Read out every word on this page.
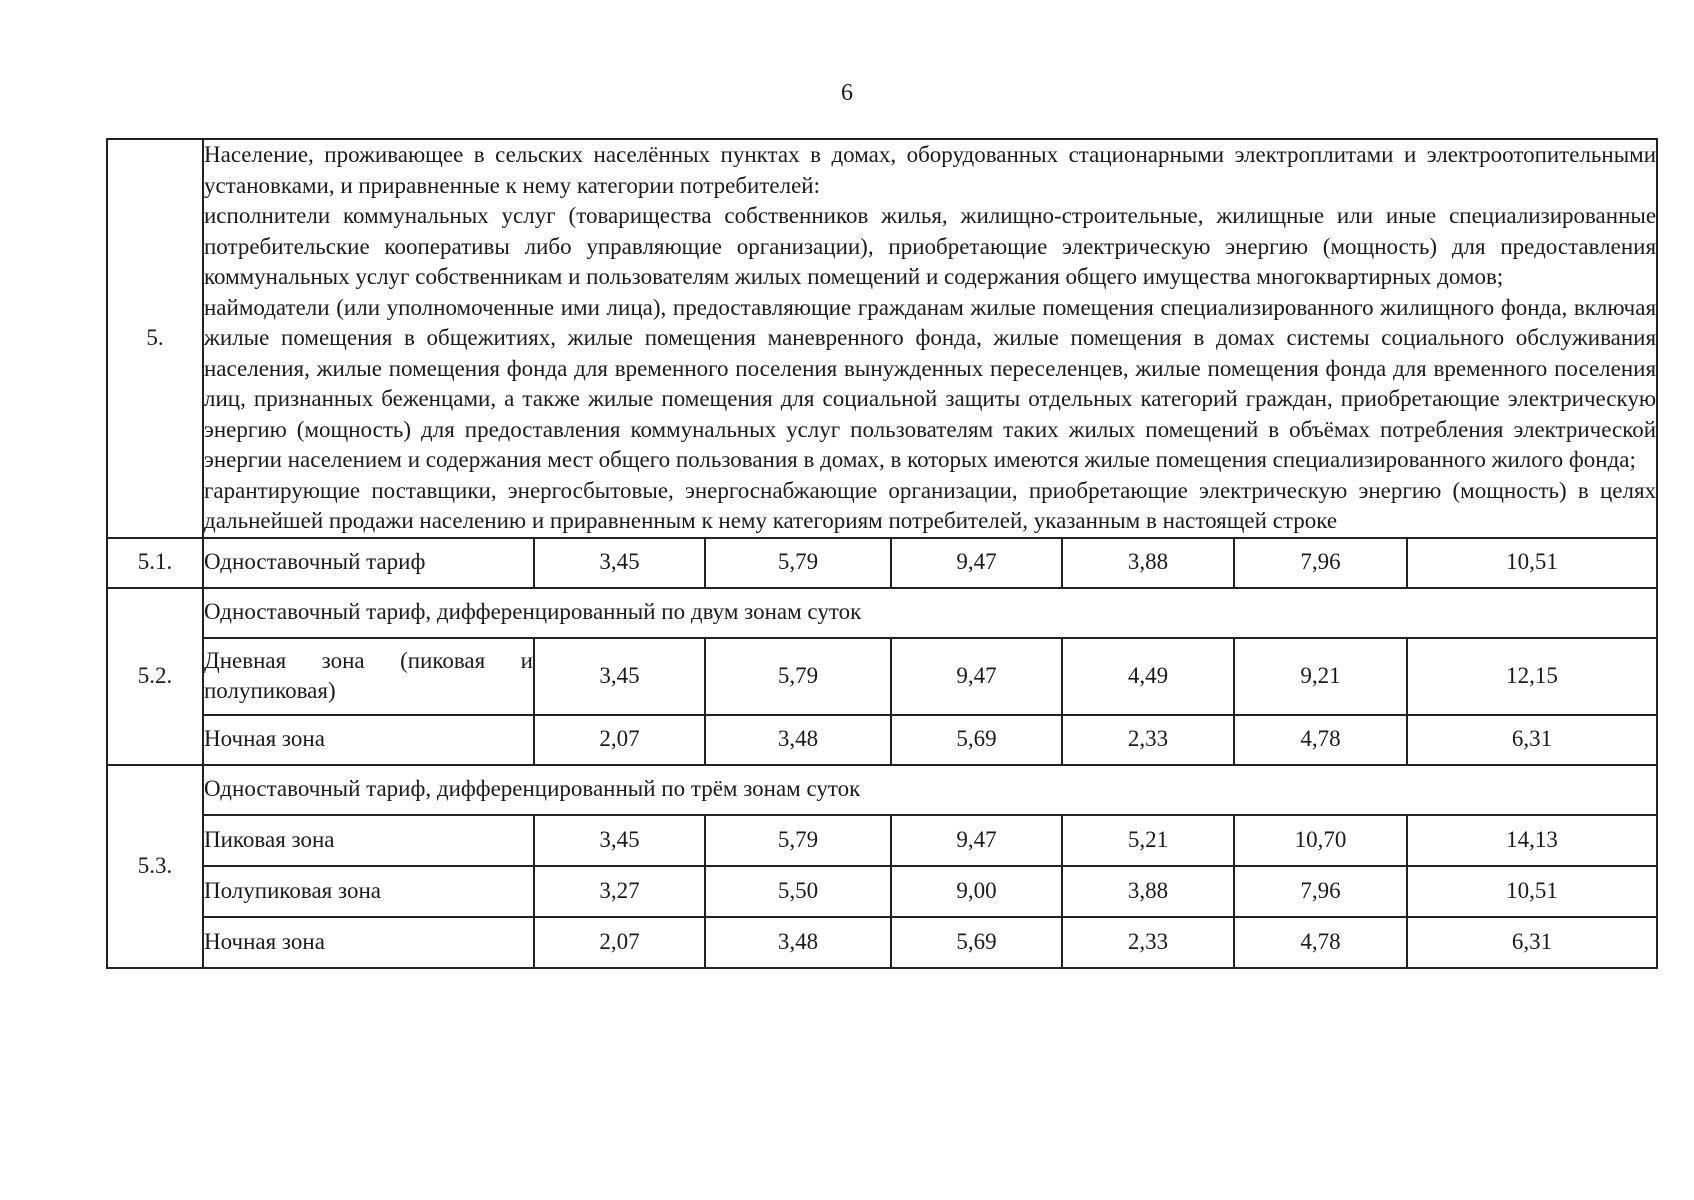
6
5.	Население, проживающее в сельских населённых пунктах в домах, оборудованных стационарными электроплитами и электроотопительными установками, и приравненные к нему категории потребителей:

исполнители коммунальных услуг (товарищества собственников жилья, жилищно-строительные, жилищные или иные специализированные потребительские кооперативы либо управляющие организации), приобретающие электрическую энергию (мощность) для предоставления коммунальных услуг собственникам и пользователям жилых помещений и содержания общего имущества многоквартирных домов;

наймодатели (или уполномоченные ими лица), предоставляющие гражданам жилые помещения специализированного жилищного фонда, включая жилые помещения в общежитиях, жилые помещения маневренного фонда, жилые помещения в домах системы социального обслуживания населения, жилые помещения фонда для временного поселения вынужденных переселенцев, жилые помещения фонда для временного поселения лиц, признанных беженцами, а также жилые помещения для социальной защиты отдельных категорий граждан, приобретающие электрическую энергию (мощность) для предоставления коммунальных услуг пользователям таких жилых помещений в объёмах потребления электрической энергии населением и содержания мест общего пользования в домах, в которых имеются жилые помещения специализированного жилого фонда;

гарантирующие поставщики, энергосбытовые, энергоснабжающие организации, приобретающие электрическую энергию (мощность) в целях дальнейшей продажи населению и приравненным к нему категориям потребителей, указанным в настоящей строке						

5.1.	Одноставочный тариф	3,45	5,79	9,47	3,88	7,96	10,51
5.2.	Одноставочный тариф, дифференцированный по двум зонам суток						
	Дневная зона (пиковая и полупиковая)	3,45	5,79	9,47	4,49	9,21	12,15
	Ночная зона	2,07	3,48	5,69	2,33	4,78	6,31
5.3.	Одноставочный тариф, дифференцированный по трём зонам суток						
	Пиковая зона	3,45	5,79	9,47	5,21	10,70	14,13
	Полупиковая зона	3,27	5,50	9,00	3,88	7,96	10,51
	Ночная зона	2,07	3,48	5,69	2,33	4,78	6,31
